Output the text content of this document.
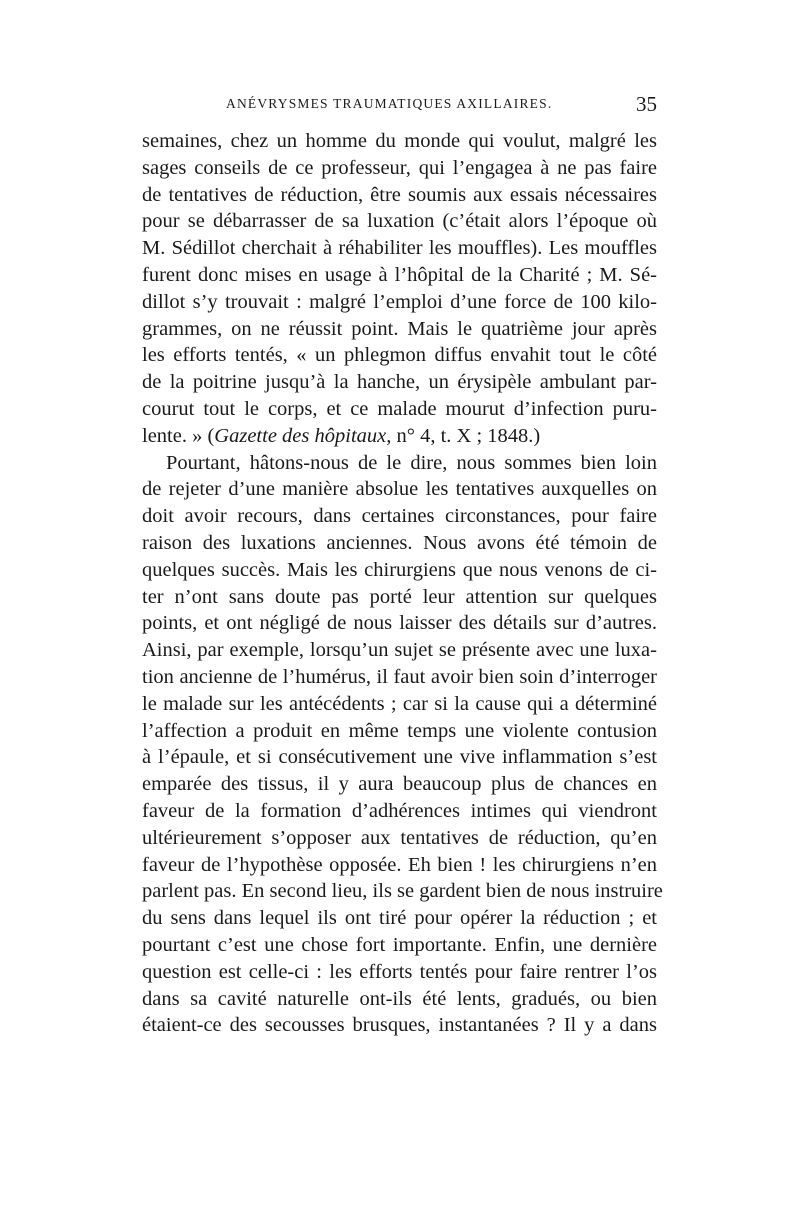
ANÉVRYSMES TRAUMATIQUES AXILLAIRES.	35
semaines, chez un homme du monde qui voulut, malgré les
sages conseils de ce professeur, qui l’engagea à ne pas faire
de tentatives de réduction, être soumis aux essais nécessaires
pour se débarrasser de sa luxation (c’était alors l’époque où
M. Sédillot cherchait à réhabiliter les mouffles). Les mouffles
furent donc mises en usage à l’hôpital de la Charité ; M. Sé-
dillot s’y trouvait : malgré l’emploi d’une force de 100 kilo-
grammes, on ne réussit point. Mais le quatrième jour après
les efforts tentés, « un phlegmon diffus envahit tout le côté
de la poitrine jusqu’à la hanche, un érysipèle ambulant par-
courut tout le corps, et ce malade mourut d’infection puru-
lente. » (Gazette des hôpitaux, n° 4, t. X ; 1848.)
Pourtant, hâtons-nous de le dire, nous sommes bien loin
de rejeter d’une manière absolue les tentatives auxquelles on
doit avoir recours, dans certaines circonstances, pour faire
raison des luxations anciennes. Nous avons été témoin de
quelques succès. Mais les chirurgiens que nous venons de ci-
ter n’ont sans doute pas porté leur attention sur quelques
points, et ont négligé de nous laisser des détails sur d’autres.
Ainsi, par exemple, lorsqu’un sujet se présente avec une luxa-
tion ancienne de l’humérus, il faut avoir bien soin d’interroger
le malade sur les antécédents ; car si la cause qui a déterminé
l’affection a produit en même temps une violente contusion
à l’épaule, et si consécutivement une vive inflammation s’est
emparée des tissus, il y aura beaucoup plus de chances en
faveur de la formation d’adhérences intimes qui viendront
ultérieurement s’opposer aux tentatives de réduction, qu’en
faveur de l’hypothèse opposée. Eh bien ! les chirurgiens n’en
parlent pas. En second lieu, ils se gardent bien de nous instruire
du sens dans lequel ils ont tiré pour opérer la réduction ; et
pourtant c’est une chose fort importante. Enfin, une dernière
question est celle-ci : les efforts tentés pour faire rentrer l’os
dans sa cavité naturelle ont-ils été lents, gradués, ou bien
étaient-ce des secousses brusques, instantanées ? Il y a dans
